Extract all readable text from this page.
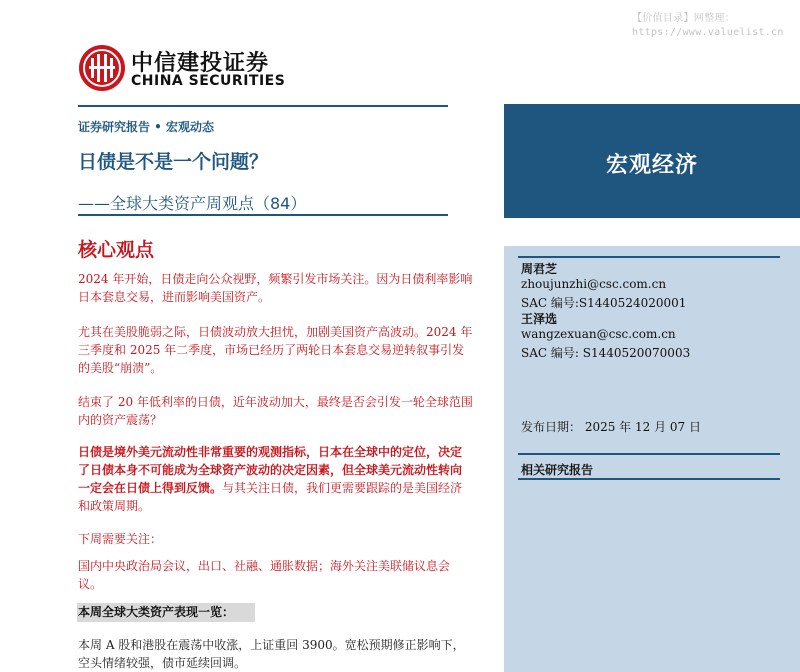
【价值目录】网整理：https://www.valuelist.cn
中信建投证券
CHINA SECURITIES
证券研究报告 • 宏观动态
日债是不是一个问题？
——全球大类资产周观点（84）
核心观点

2024 年开始，日债走向公众视野，频繁引发市场关注。因为日债利率影响日本套息交易，进而影响美国资产。

尤其在美股脆弱之际，日债波动放大担忧，加剧美国资产高波动。2024 年三季度和 2025 年二季度，市场已经历了两轮日本套息交易逆转叙事引发的美股“崩溃”。

结束了 20 年低利率的日债，近年波动加大，最终是否会引发一轮全球范围内的资产震荡？

日债是境外美元流动性非常重要的观测指标，日本在全球中的定位，决定了日债本身不可能成为全球资产波动的决定因素，但全球美元流动性转向一定会在日债上得到反馈。与其关注日债，我们更需要跟踪的是美国经济和政策周期。

下周需要关注：

国内中央政治局会议，出口、社融、通胀数据；海外关注美联储议息会议。

本周全球大类资产表现一览：

本周 A 股和港股在震荡中收涨，上证重回 3900。宽松预期修正影响下，空头情绪较强，债市延续回调。

宏观经济
周君芝
zhoujunzhi@csc.com.cn
SAC 编号:S1440524020001
王泽选
wangzexuan@csc.com.cn
SAC 编号: S1440520070003
发布日期： 2025 年 12 月 07 日
相关研究报告
